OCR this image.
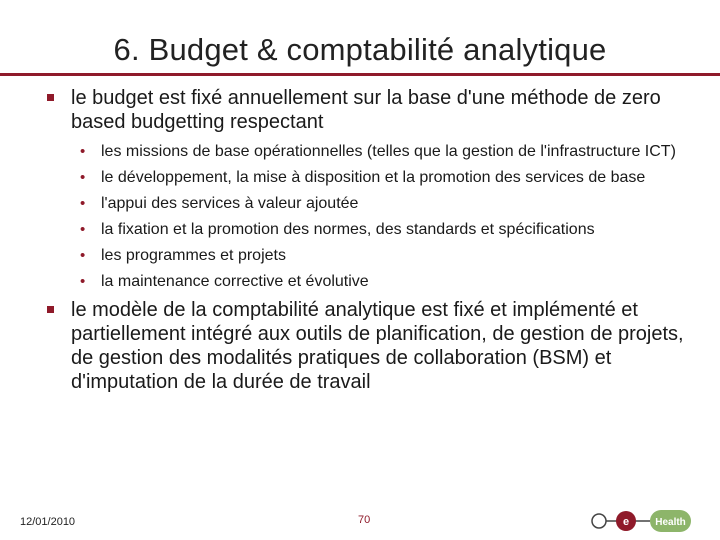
6. Budget & comptabilité analytique
le budget est fixé annuellement sur la base d'une méthode de zero based budgetting respectant
• les missions de base opérationnelles (telles que la gestion de l'infrastructure ICT)
• le développement, la mise à disposition et la promotion des services de base
• l'appui des services à valeur ajoutée
• la fixation et la promotion des normes, des standards et spécifications
• les programmes et projets
• la maintenance corrective et évolutive
le modèle de la comptabilité analytique est fixé et implémenté et partiellement intégré aux outils de planification, de gestion de projets, de gestion des modalités pratiques de collaboration (BSM) et d'imputation de la durée de travail
12/01/2010	70	e	Health
